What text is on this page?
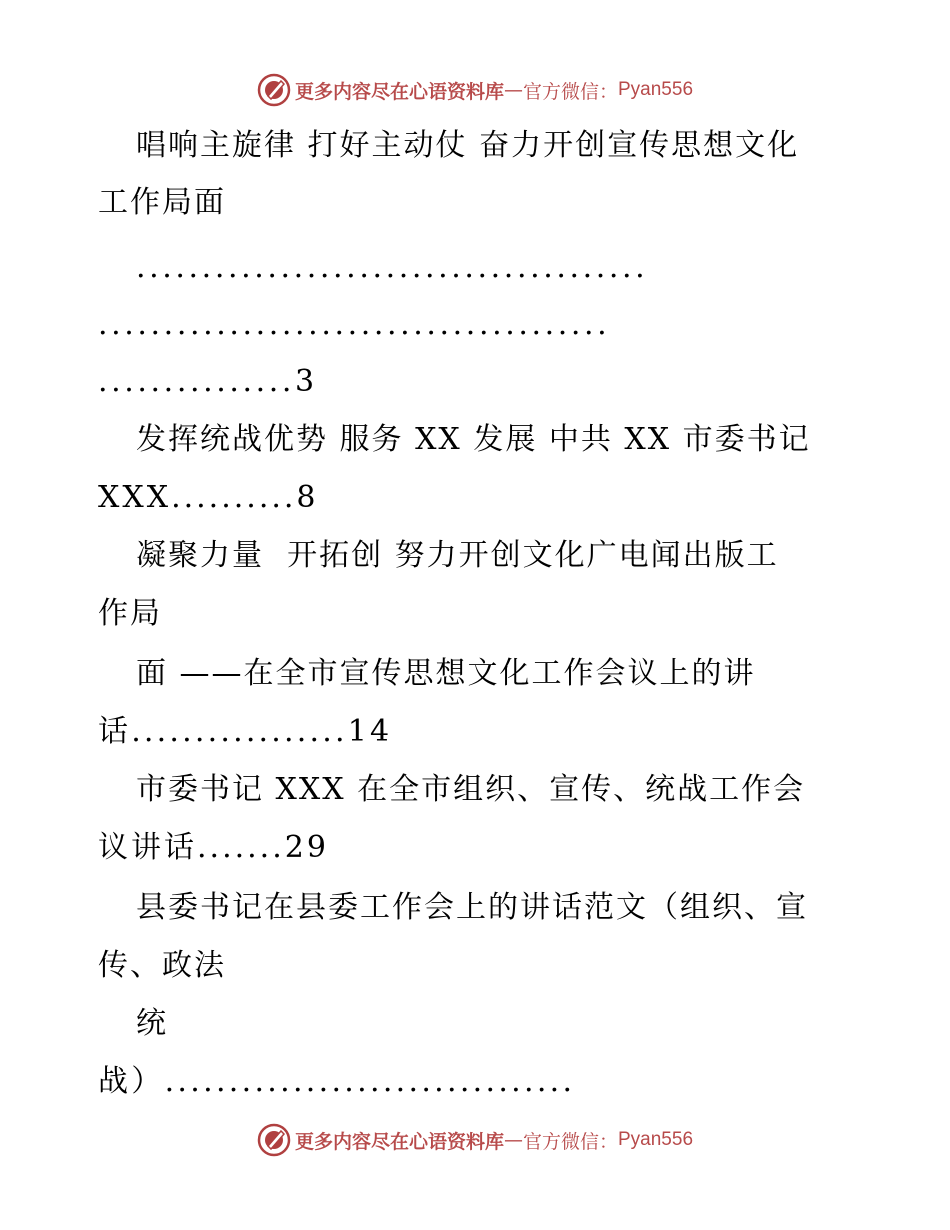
更多内容尽在心语资料库 — 官方微信： Pyan556
唱响主旋律 打好主动仗 奋力开创宣传思想文化
工作局面
.......................................
.......................................
...............3
发挥统战优势 服务 XX 发展 中共 XX 市委书记
XXX..........8
凝聚力量  开拓创 努力开创文化广电闻出版工
作局
面 ——在全市宣传思想文化工作会议上的讲
话.................14
市委书记 XXX 在全市组织、宣传、统战工作会
议讲话.......29
县委书记在县委工作会上的讲话范文（组织、宣
传、政法
统
战）................................
更多内容尽在心语资料库 — 官方微信： Pyan556
